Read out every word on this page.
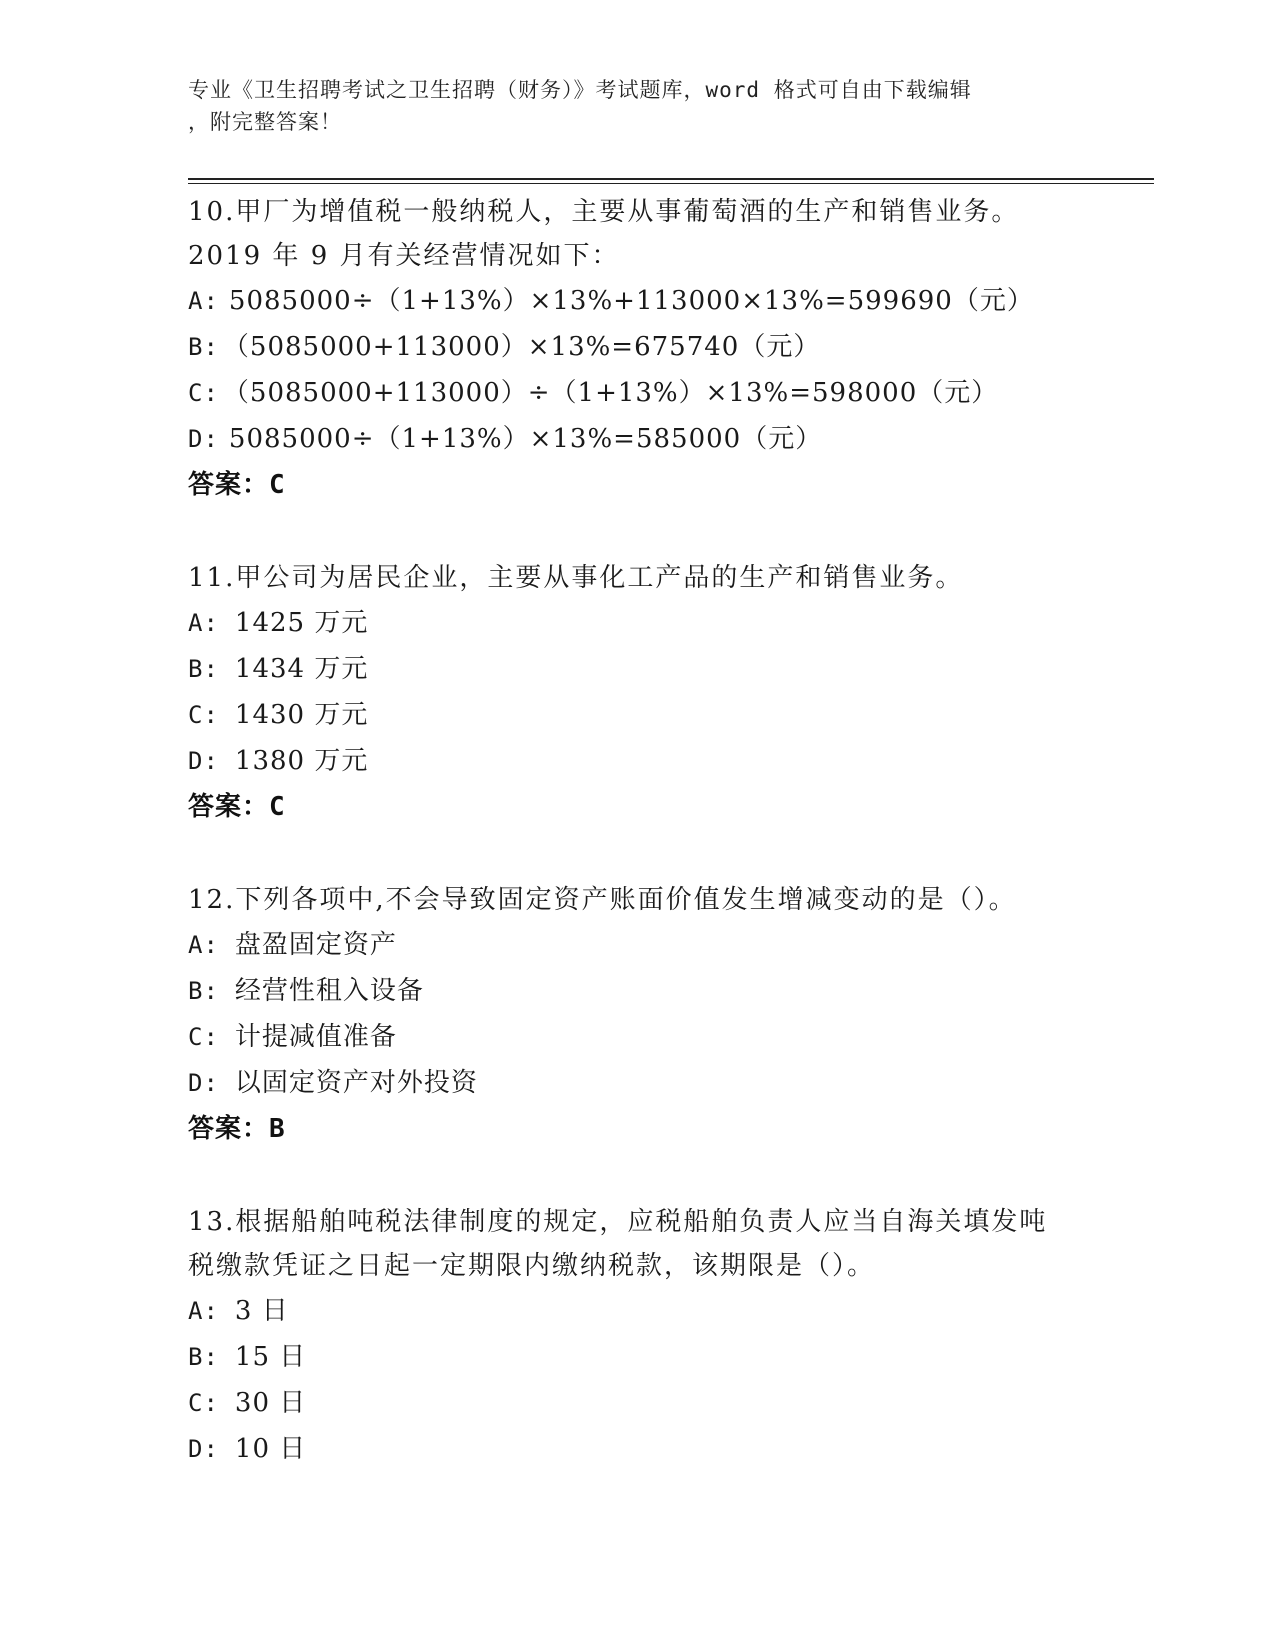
专业《卫生招聘考试之卫生招聘（财务）》考试题库，word 格式可自由下载编辑
，附完整答案！

10.甲厂为增值税一般纳税人，主要从事葡萄酒的生产和销售业务。
2019 年 9 月有关经营情况如下：

A: 5085000÷（1+13%）×13%+113000×13%=599690（元）
B: （5085000+113000）×13%=675740（元）
C: （5085000+113000）÷（1+13%）×13%=598000（元）
D: 5085000÷（1+13%）×13%=585000（元）
答案：C

11.甲公司为居民企业，主要从事化工产品的生产和销售业务。

A: 1425 万元
B: 1434 万元
C: 1430 万元
D: 1380 万元
答案：C

12.下列各项中,不会导致固定资产账面价值发生增减变动的是（）。

A: 盘盈固定资产
B: 经营性租入设备
C: 计提减值准备
D: 以固定资产对外投资
答案：B

13.根据船舶吨税法律制度的规定，应税船舶负责人应当自海关填发吨
税缴款凭证之日起一定期限内缴纳税款，该期限是（）。

A: 3 日
B: 15 日
C: 30 日
D: 10 日
